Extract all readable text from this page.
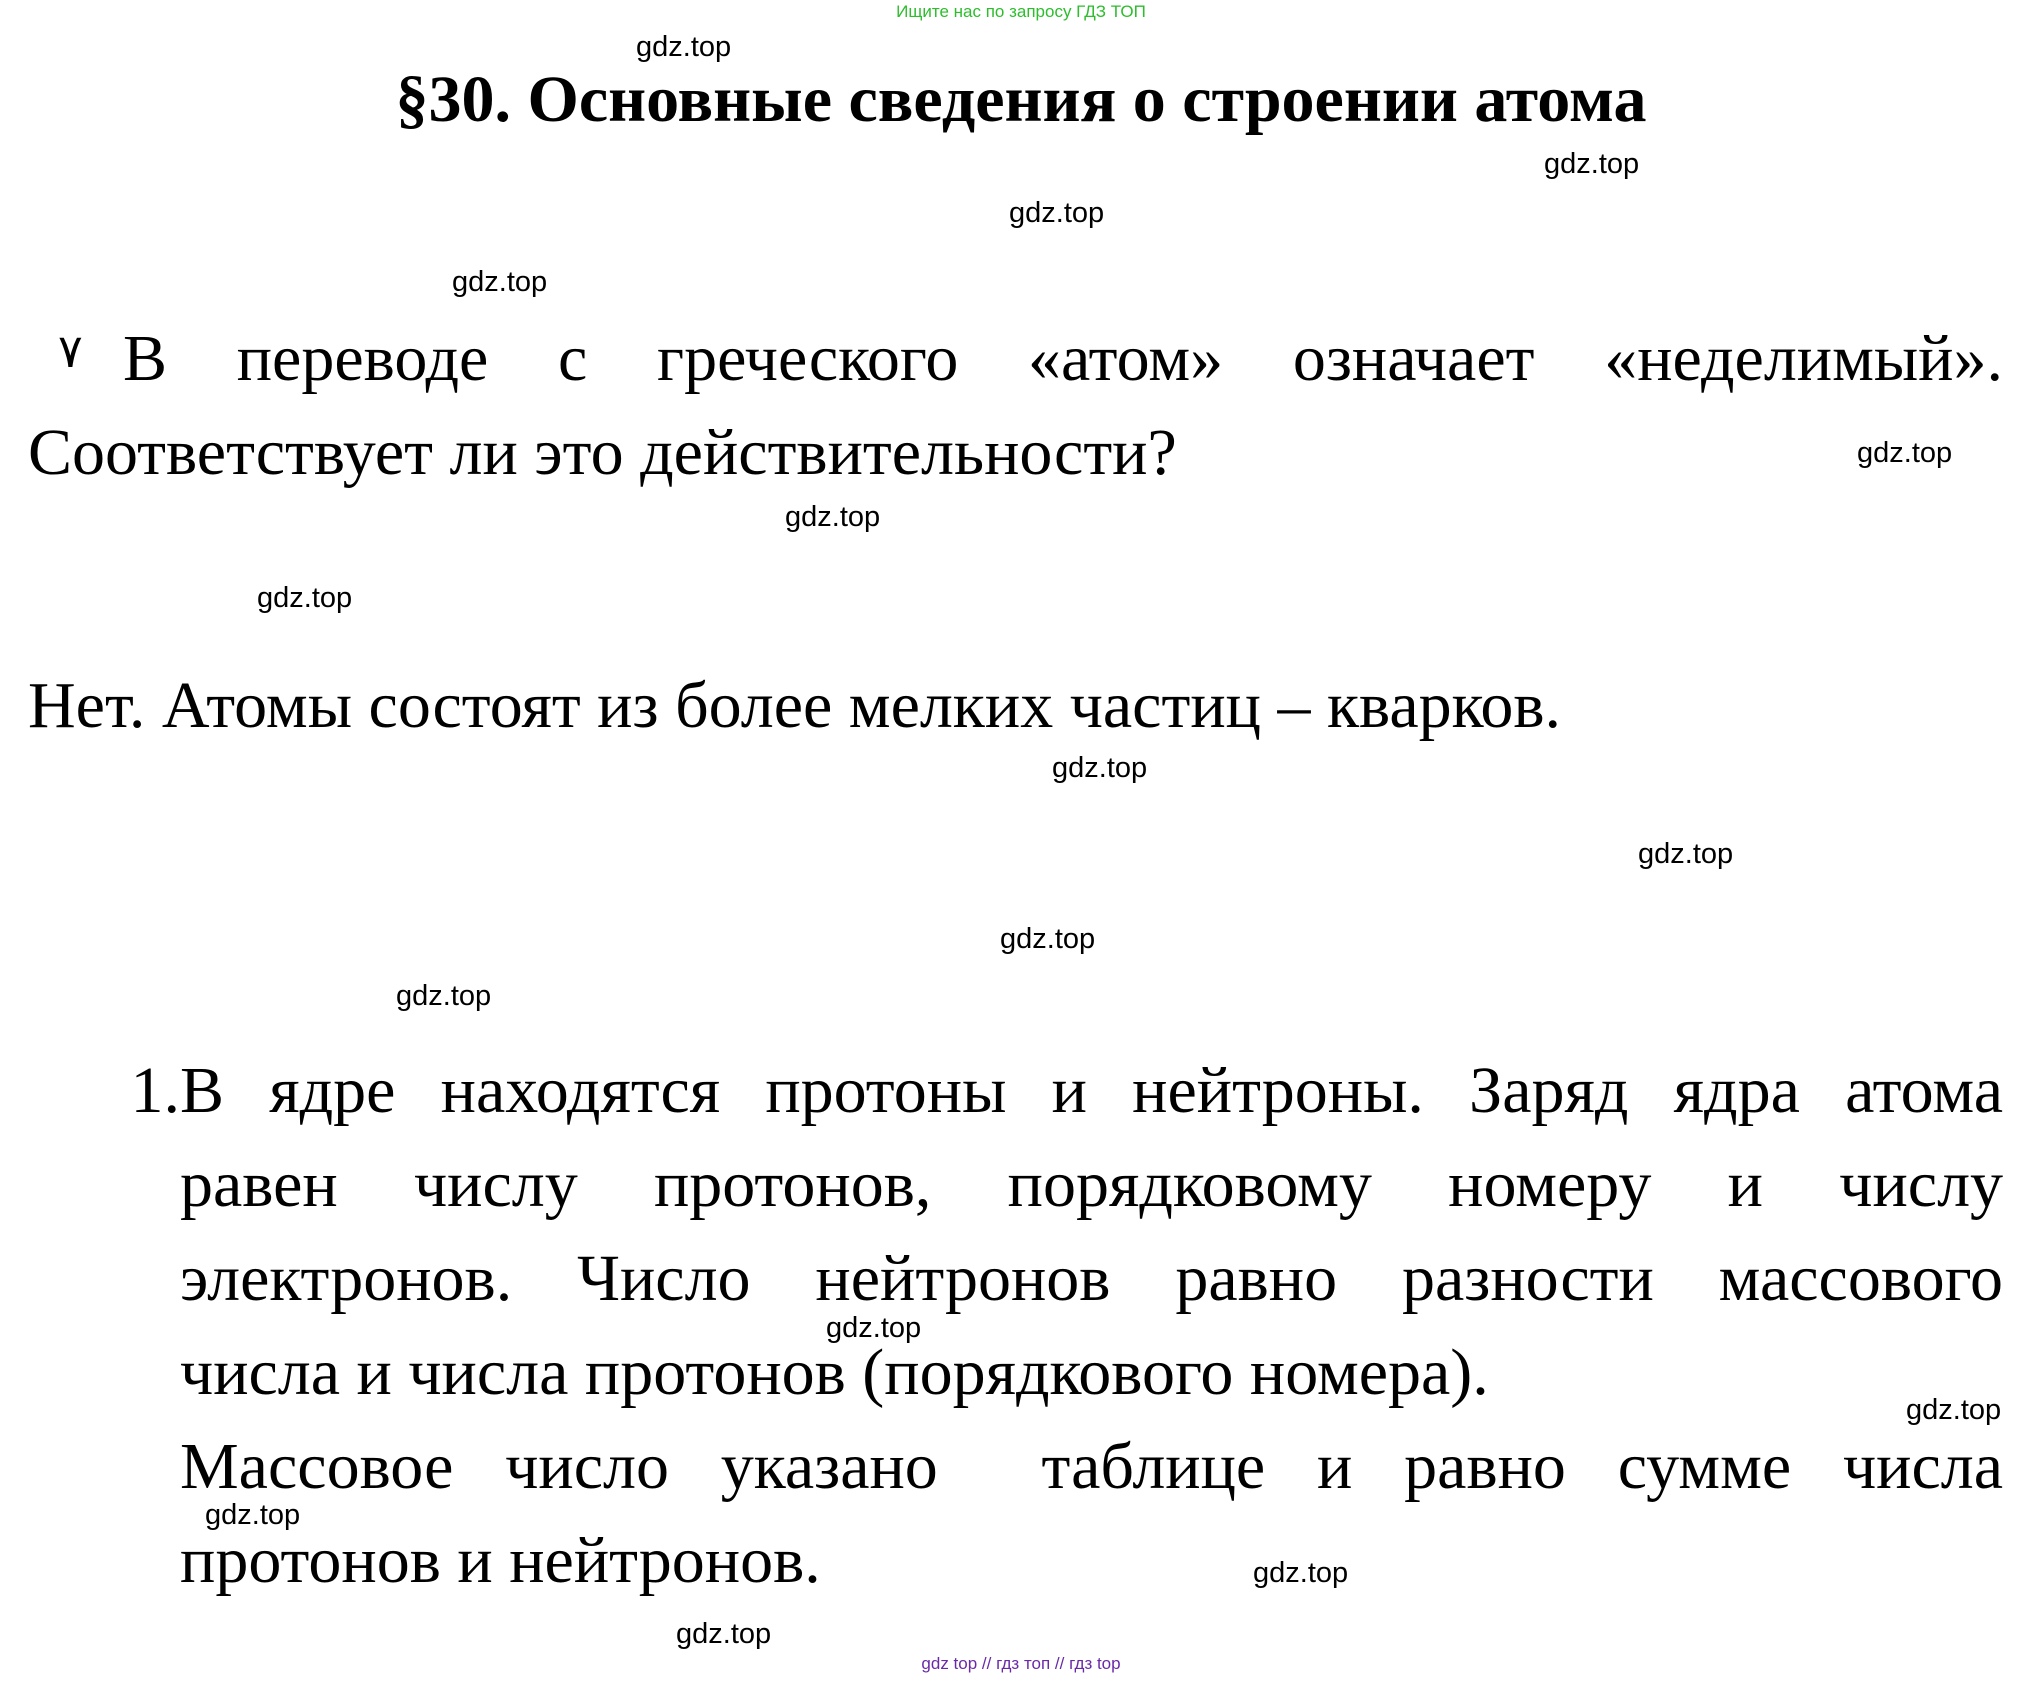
Ищите нас по запросу ГДЗ ТОП
§30. Основные сведения о строении атома
٧ В переводе с греческого «атом» означает «неделимый».
Соответствует ли это действительности?
Нет. Атомы состоят из более мелких частиц – кварков.
1. В ядре находятся протоны и нейтроны. Заряд ядра атома
равен числу протонов, порядковому номеру и числу
электронов. Число нейтронов равно разности массового
числа и числа протонов (порядкового номера).
Массовое число указано  таблице и равно сумме числа
протонов и нейтронов.
gdz.top
gdz.top
gdz.top
gdz.top
gdz.top
gdz.top
gdz.top
gdz.top
gdz.top
gdz.top
gdz.top
gdz.top
gdz.top
gdz.top
gdz.top
gdz.top
gdz top // гдз топ // гдз top
